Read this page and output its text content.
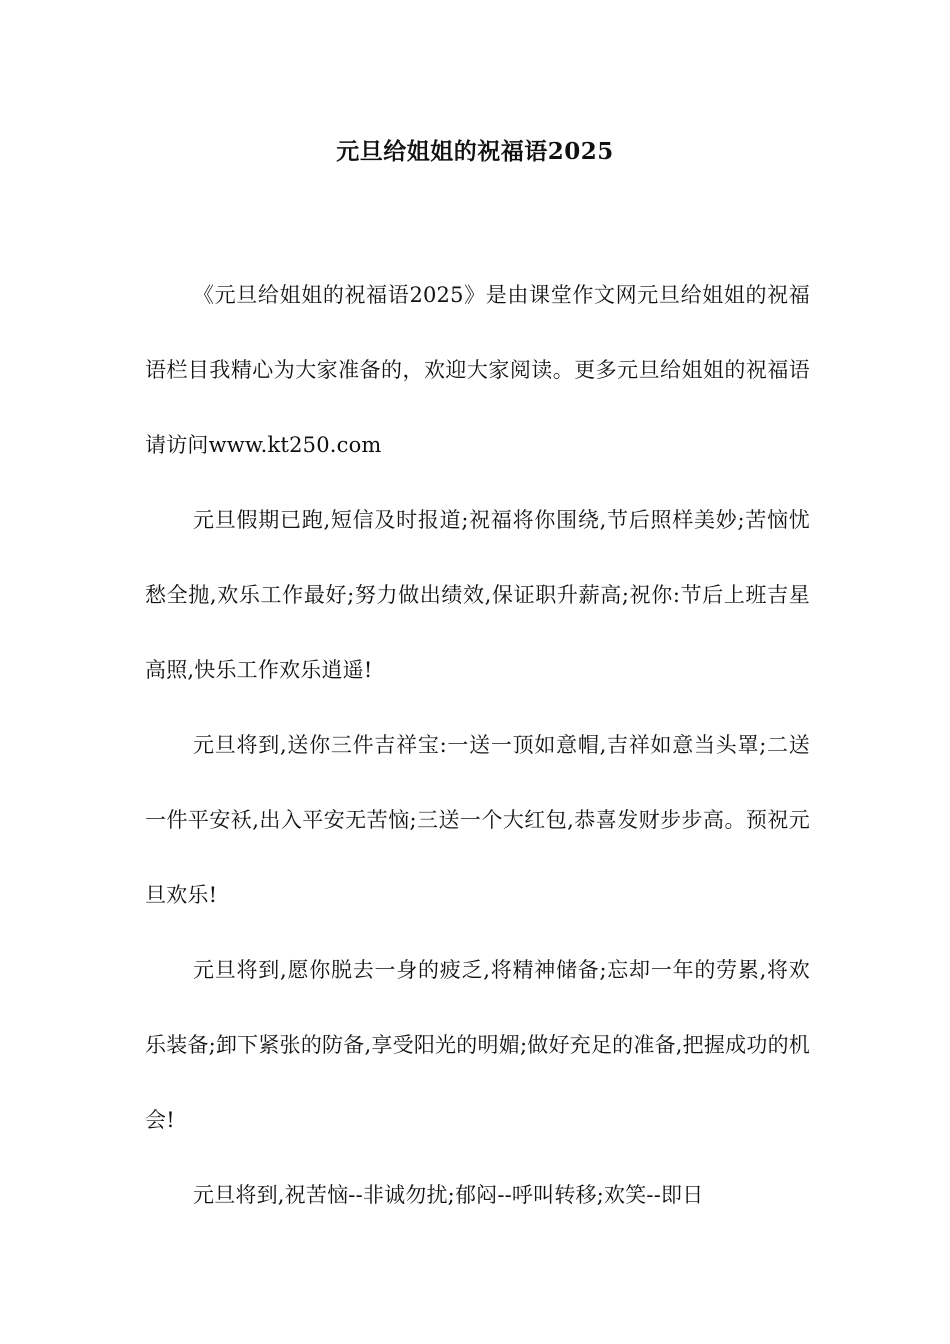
元旦给姐姐的祝福语2025

《元旦给姐姐的祝福语2025》是由课堂作文网元旦给姐姐的祝福语栏目我精心为大家准备的，欢迎大家阅读。更多元旦给姐姐的祝福语请访问www.kt250.com

元旦假期已跑,短信及时报道;祝福将你围绕,节后照样美妙;苦恼忧愁全抛,欢乐工作最好;努力做出绩效,保证职升薪高;祝你:节后上班吉星高照,快乐工作欢乐逍遥!

元旦将到,送你三件吉祥宝:一送一顶如意帽,吉祥如意当头罩;二送一件平安袄,出入平安无苦恼;三送一个大红包,恭喜发财步步高。预祝元旦欢乐!

元旦将到,愿你脱去一身的疲乏,将精神储备;忘却一年的劳累,将欢乐装备;卸下紧张的防备,享受阳光的明媚;做好充足的准备,把握成功的机会!

元旦将到,祝苦恼--非诚勿扰;郁闷--呼叫转移;欢笑--即日
